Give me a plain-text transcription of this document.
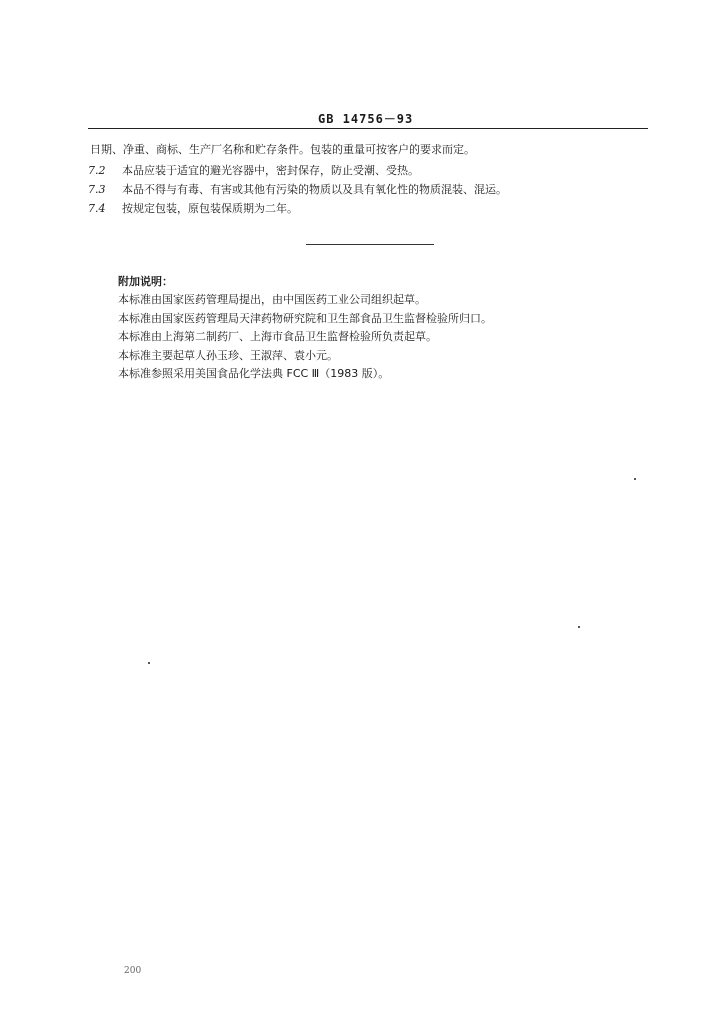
GB 14756－93
日期、净重、商标、生产厂名称和贮存条件。包装的重量可按客户的要求而定。
7.2 本品应装于适宜的避光容器中，密封保存，防止受潮、受热。
7.3 本品不得与有毒、有害或其他有污染的物质以及具有氧化性的物质混装、混运。
7.4 按规定包装，原包装保质期为二年。
附加说明：
本标准由国家医药管理局提出，由中国医药工业公司组织起草。
本标准由国家医药管理局天津药物研究院和卫生部食品卫生监督检验所归口。
本标准由上海第二制药厂、上海市食品卫生监督检验所负责起草。
本标准主要起草人孙玉珍、王淑萍、袁小元。
本标准参照采用美国食品化学法典 FCC Ⅲ（1983 版）。
200
